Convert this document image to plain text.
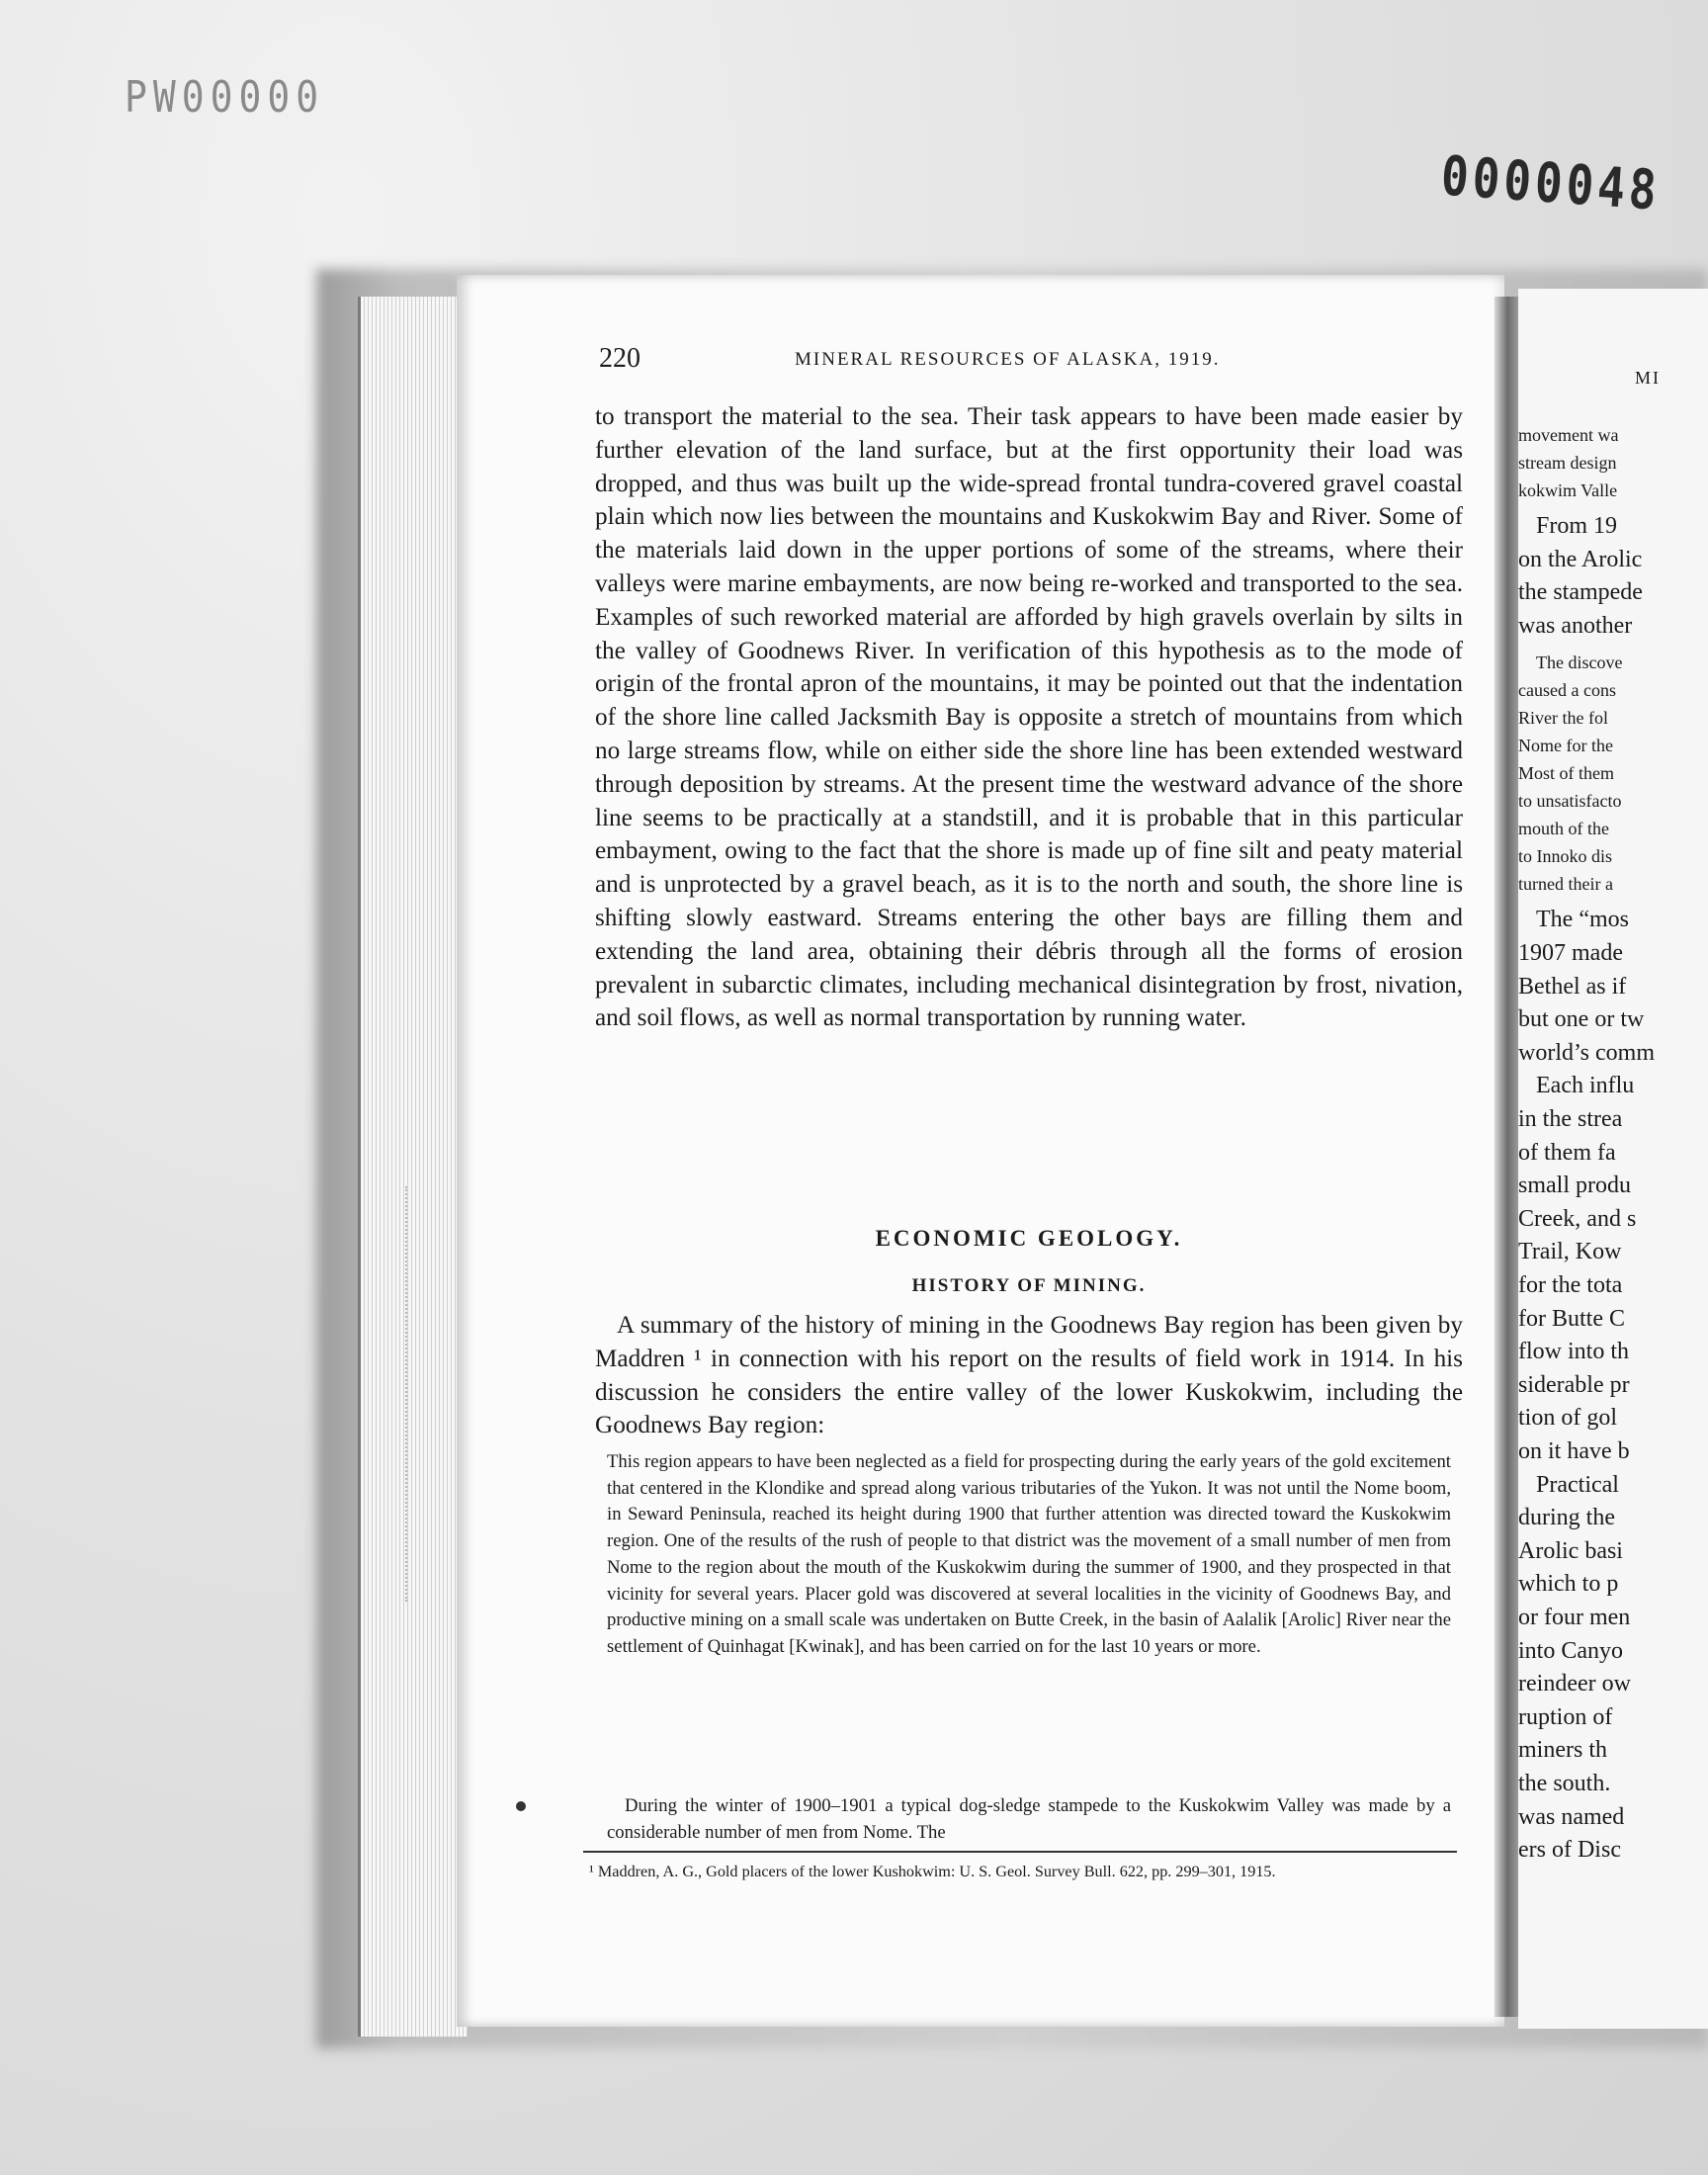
PW00000
0000048
220	MINERAL RESOURCES OF ALASKA, 1919.

to transport the material to the sea. Their task appears to have been made easier by further elevation of the land surface, but at the first opportunity their load was dropped, and thus was built up the wide-spread frontal tundra-covered gravel coastal plain which now lies between the mountains and Kuskokwim Bay and River. Some of the materials laid down in the upper portions of some of the streams, where their valleys were marine embayments, are now being re-worked and transported to the sea. Examples of such reworked material are afforded by high gravels overlain by silts in the valley of Goodnews River. In verification of this hypothesis as to the mode of origin of the frontal apron of the mountains, it may be pointed out that the indentation of the shore line called Jacksmith Bay is opposite a stretch of mountains from which no large streams flow, while on either side the shore line has been extended westward through deposition by streams. At the present time the westward advance of the shore line seems to be practically at a standstill, and it is probable that in this particular embayment, owing to the fact that the shore is made up of fine silt and peaty material and is unprotected by a gravel beach, as it is to the north and south, the shore line is shifting slowly eastward. Streams entering the other bays are filling them and extending the land area, obtaining their débris through all the forms of erosion prevalent in subarctic climates, including mechanical disintegration by frost, nivation, and soil flows, as well as normal transportation by running water.

ECONOMIC GEOLOGY.
HISTORY OF MINING.

A summary of the history of mining in the Goodnews Bay region has been given by Maddren ¹ in connection with his report on the results of field work in 1914. In his discussion he considers the entire valley of the lower Kuskokwim, including the Goodnews Bay region:

This region appears to have been neglected as a field for prospecting during the early years of the gold excitement that centered in the Klondike and spread along various tributaries of the Yukon. It was not until the Nome boom, in Seward Peninsula, reached its height during 1900 that further attention was directed toward the Kuskokwim region. One of the results of the rush of people to that district was the movement of a small number of men from Nome to the region about the mouth of the Kuskokwim during the summer of 1900, and they prospected in that vicinity for several years. Placer gold was discovered at several localities in the vicinity of Goodnews Bay, and productive mining on a small scale was undertaken on Butte Creek, in the basin of Aalalik [Arolic] River near the settlement of Quinhagat [Kwinak], and has been carried on for the last 10 years or more.

During the winter of 1900–1901 a typical dog-sledge stampede to the Kuskokwim Valley was made by a considerable number of men from Nome. The

¹ Maddren, A. G., Gold placers of the lower Kushokwim: U. S. Geol. Survey Bull. 622, pp. 299–301, 1915.

MI
movement wa
stream design
kokwim Valle
From 19
on the Arolic
the stampede
was another
The discove
caused a cons
River the fol
Nome for the
Most of them
to unsatisfacto
mouth of the
to Innoko dis
turned their a
The “mos
1907 made
Bethel as if
but one or tw
world’s comm
Each influ
in the strea
of them fa
small produ
Creek, and s
Trail, Kow
for the tota
for Butte C
flow into th
siderable pr
tion of gol
on it have b
Practical
during the
Arolic basi
which to p
or four men
into Canyo
reindeer ow
ruption of
miners th
the south.
was named
ers of Disc
